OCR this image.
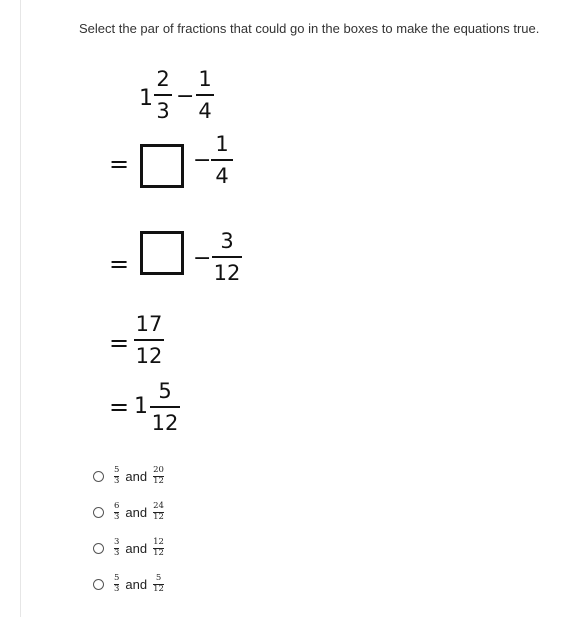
Select the par of fractions that could go in the boxes to make the equations true.
1
2
3
−
1
4
=	−
1
4
=	−
3
12
=
17
12
= 1
5
12
5
3 and 20
12
6
3 and 24
12
3
3 and 12
12
5
3 and	5
12
